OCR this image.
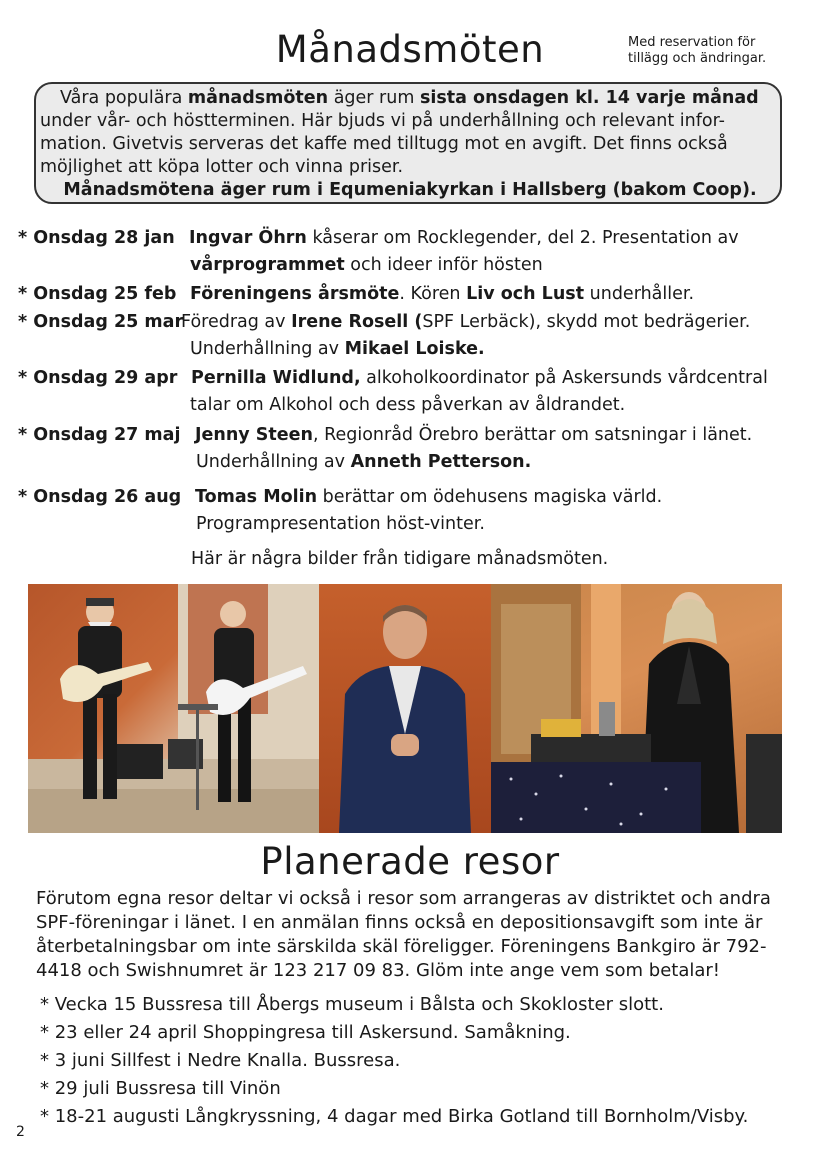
Månadsmöten	Med reservation för tillägg och ändringar.

Våra populära månadsmöten äger rum sista onsdagen kl. 14 varje månad

under vår- och höstterminen. Här bjuds vi på underhållning och relevant infor-

mation. Givetvis serveras det kaffe med tilltugg mot en avgift. Det finns också

möjlighet att köpa lotter och vinna priser.

Månadsmötena äger rum i Equmeniakyrkan i Hallsberg (bakom Coop).

* Onsdag 28 jan Ingvar Öhrn kåserar om Rocklegender, del 2. Presentation av
vårprogrammet och ideer inför hösten
* Onsdag 25 feb Föreningens årsmöte. Kören Liv och Lust underhåller.
* Onsdag 25 mar
Föredrag av Irene Rosell (SPF Lerbäck), skydd mot bedrägerier.
Underhållning av Mikael Loiske.
* Onsdag 29 apr Pernilla Widlund, alkoholkoordinator på Askersunds vårdcentral
talar om Alkohol och dess påverkan av åldrandet.
* Onsdag 27 maj Jenny Steen, Regionråd Örebro berättar om satsningar i länet.
Underhållning av Anneth Petterson.
* Onsdag 26 aug Tomas Molin berättar om ödehusens magiska värld.
Programpresentation höst-vinter.
Här är några bilder från tidigare månadsmöten.
Planerade resor

Förutom egna resor deltar vi också i resor som arrangeras av distriktet och andra SPF-föreningar i länet. I en anmälan finns också en depositionsavgift som inte är återbetalningsbar om inte särskilda skäl föreligger. Föreningens Bankgiro är 792-4418 och Swishnumret är 123 217 09 83. Glöm inte ange vem som betalar!

* Vecka 15 Bussresa till Åbergs museum i Bålsta och Skokloster slott.
* 23 eller 24 april Shoppingresa till Askersund. Samåkning.
* 3 juni Sillfest i Nedre Knalla. Bussresa.
* 29 juli Bussresa till Vinön
* 18-21 augusti Långkryssning, 4 dagar med Birka Gotland till Bornholm/Visby.
2
